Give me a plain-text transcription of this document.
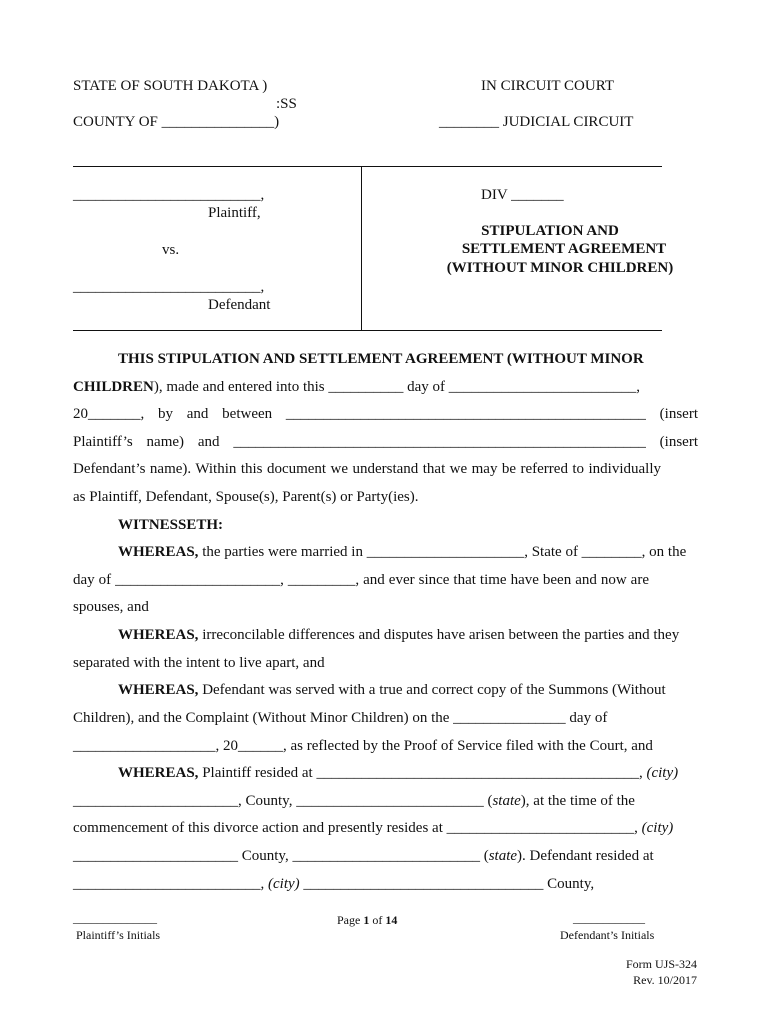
STATE OF SOUTH DAKOTA )
:SS
COUNTY OF _______________)
IN CIRCUIT COURT
________ JUDICIAL CIRCUIT
_________________________,
Plaintiff,
vs.
_________________________,
Defendant
DIV _______
STIPULATION AND
SETTLEMENT AGREEMENT
(WITHOUT MINOR CHILDREN)
THIS STIPULATION AND SETTLEMENT AGREEMENT (WITHOUT MINOR
CHILDREN), made and entered into this __________ day of _________________________,
20_______, by and between ________________________________________________ (insert
Plaintiff’s name) and _______________________________________________________ (insert
Defendant’s name). Within this document we understand that we may be referred to individually
as Plaintiff, Defendant, Spouse(s), Parent(s) or Party(ies).
WITNESSETH:
WHEREAS, the parties were married in _____________________, State of ________, on the
day of ______________________, _________, and ever since that time have been and now are
spouses, and
WHEREAS, irreconcilable differences and disputes have arisen between the parties and they
separated with the intent to live apart, and
WHEREAS, Defendant was served with a true and correct copy of the Summons (Without
Children), and the Complaint (Without Minor Children) on the _______________ day of
___________________, 20______, as reflected by the Proof of Service filed with the Court, and
WHEREAS, Plaintiff resided at ___________________________________________, (city)
______________________, County, _________________________ (state), at the time of the
commencement of this divorce action and presently resides at _________________________, (city)
______________________ County, _________________________ (state). Defendant resided at
_________________________, (city) ________________________________ County,
______________
Plaintiff’s Initials
Page 1 of 14	____________
Defendant’s Initials
Form UJS-324
Rev. 10/2017
